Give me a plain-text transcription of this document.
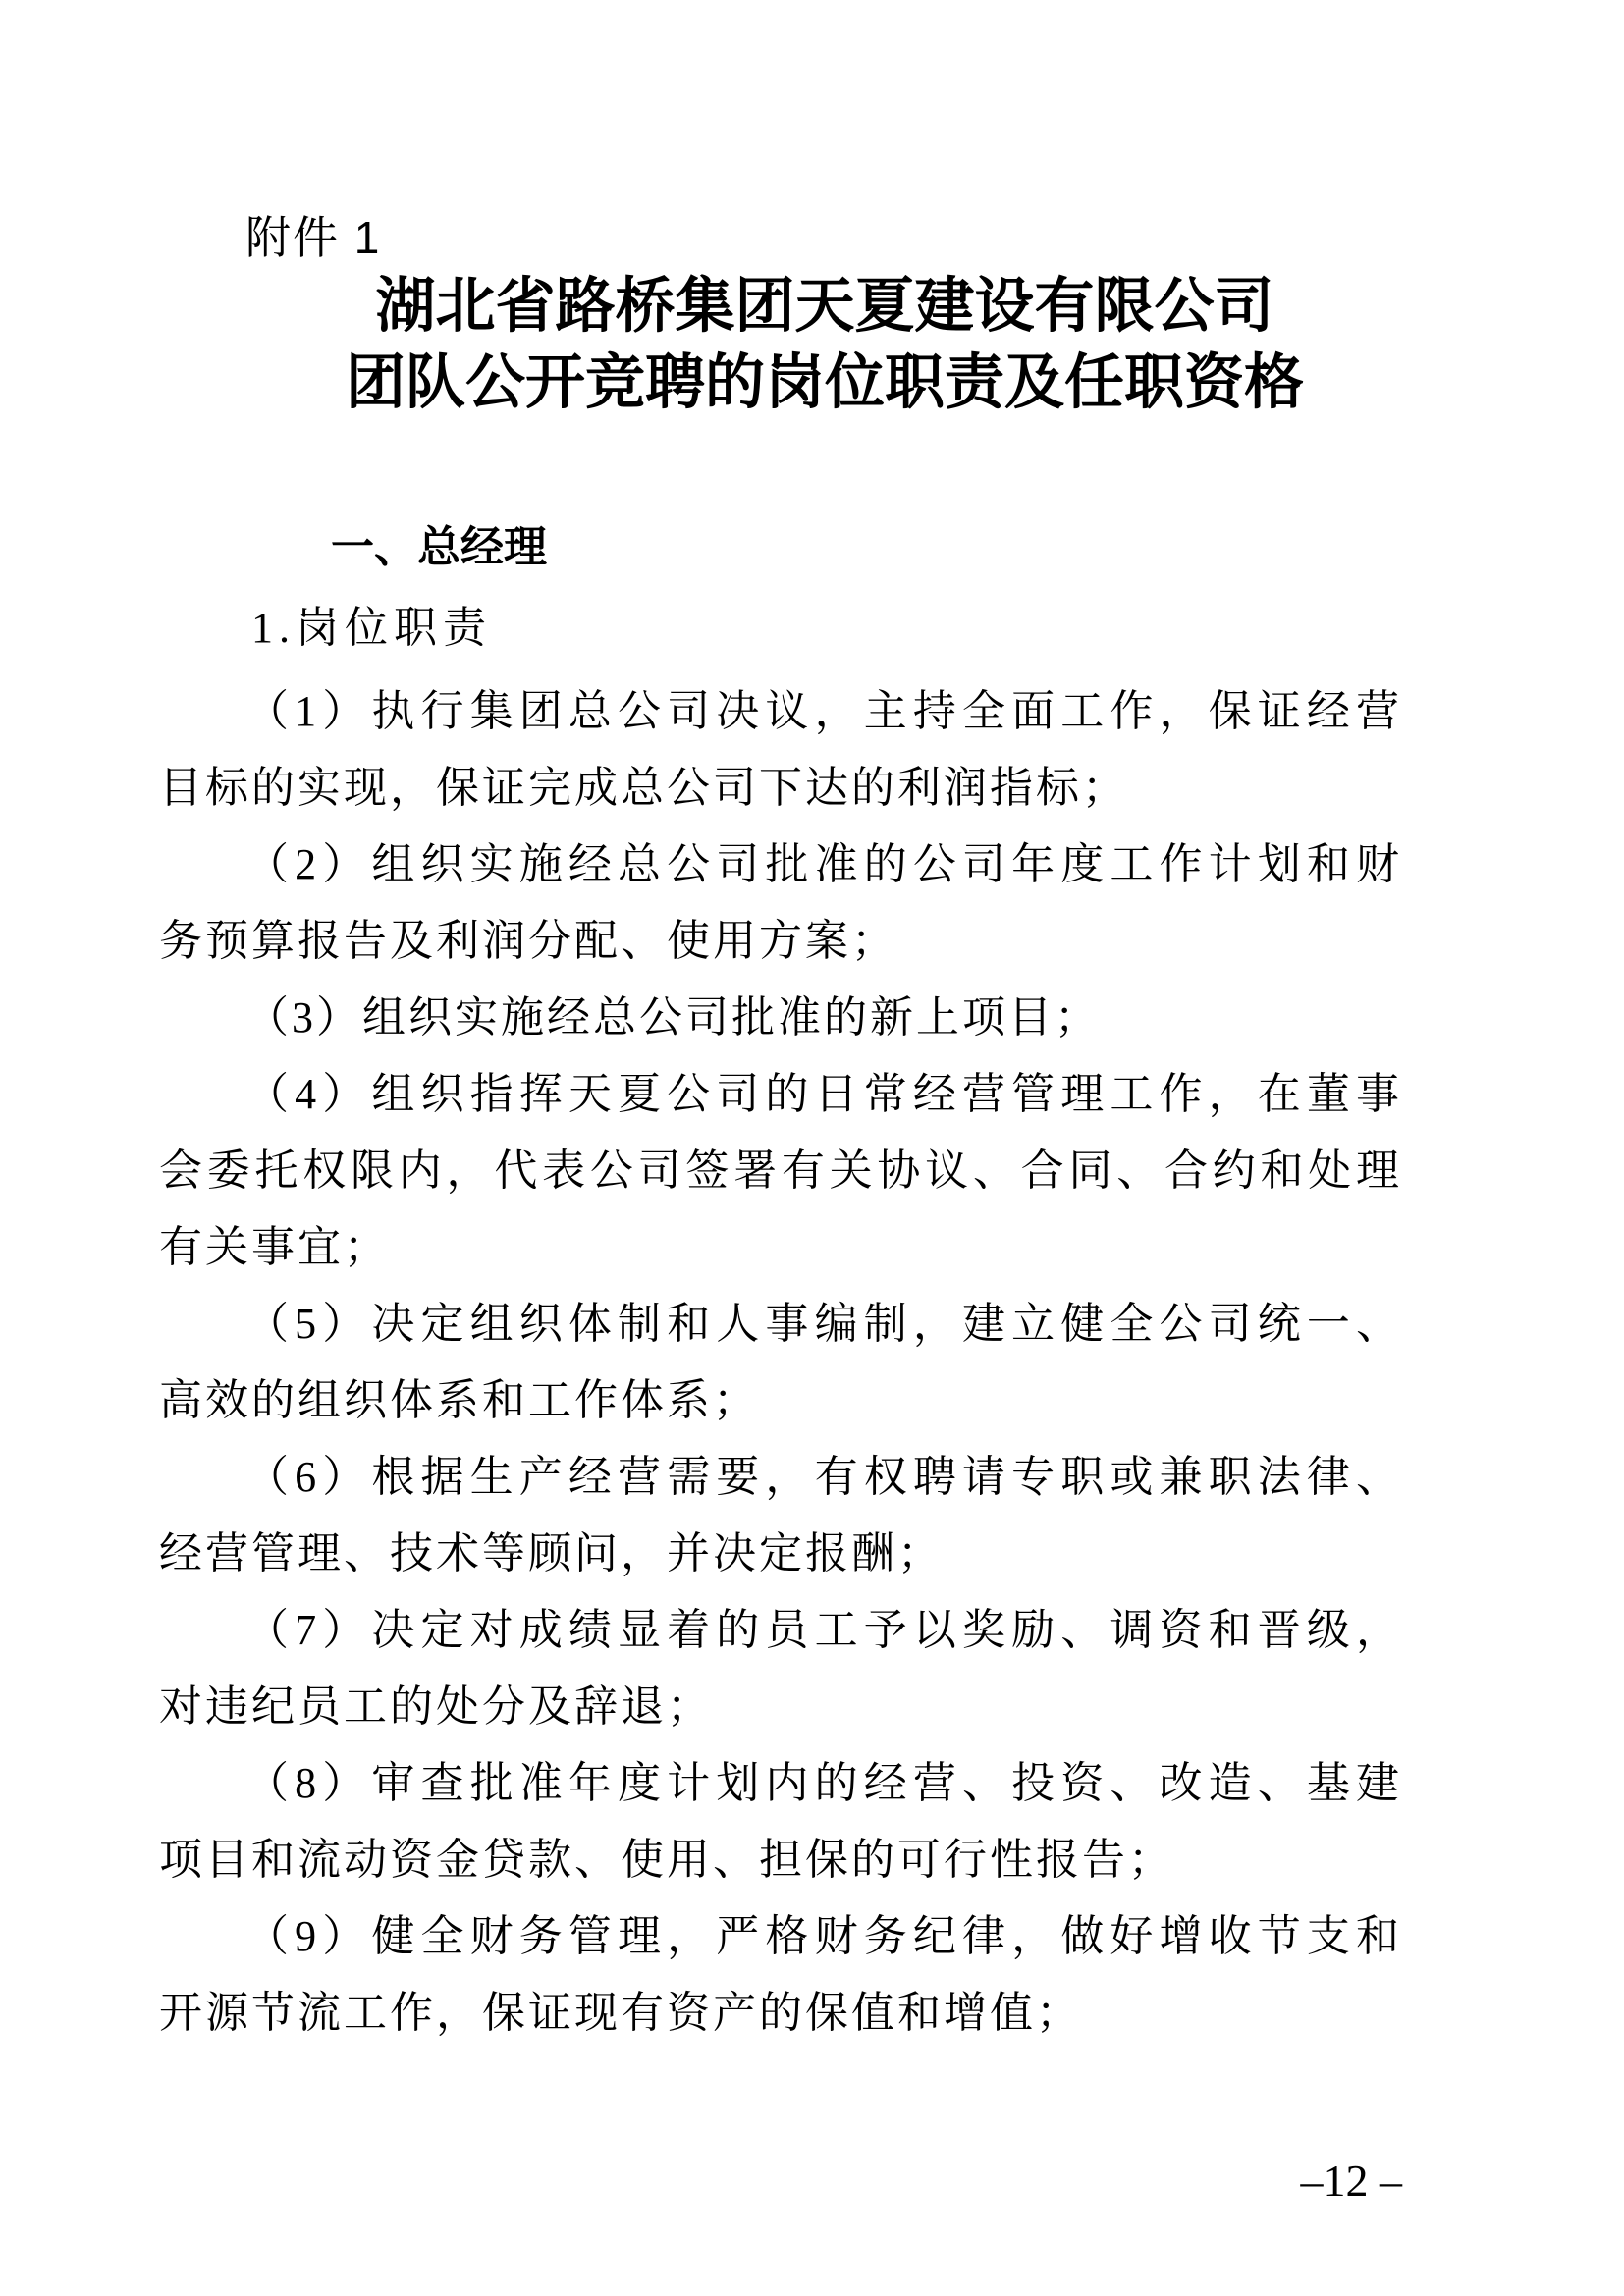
附件 1
湖北省路桥集团天夏建设有限公司
团队公开竞聘的岗位职责及任职资格
一、总经理
1.岗位职责
（1）执行集团总公司决议，主持全面工作，保证经营
目标的实现，保证完成总公司下达的利润指标；
（2）组织实施经总公司批准的公司年度工作计划和财
务预算报告及利润分配、使用方案；
（3）组织实施经总公司批准的新上项目；
（4）组织指挥天夏公司的日常经营管理工作，在董事
会委托权限内，代表公司签署有关协议、合同、合约和处理
有关事宜；
（5）决定组织体制和人事编制，建立健全公司统一、
高效的组织体系和工作体系；
（6）根据生产经营需要，有权聘请专职或兼职法律、
经营管理、技术等顾问，并决定报酬；
（7）决定对成绩显着的员工予以奖励、调资和晋级，
对违纪员工的处分及辞退；
（8）审查批准年度计划内的经营、投资、改造、基建
项目和流动资金贷款、使用、担保的可行性报告；
（9）健全财务管理，严格财务纪律，做好增收节支和
开源节流工作，保证现有资产的保值和增值；
–12 –
